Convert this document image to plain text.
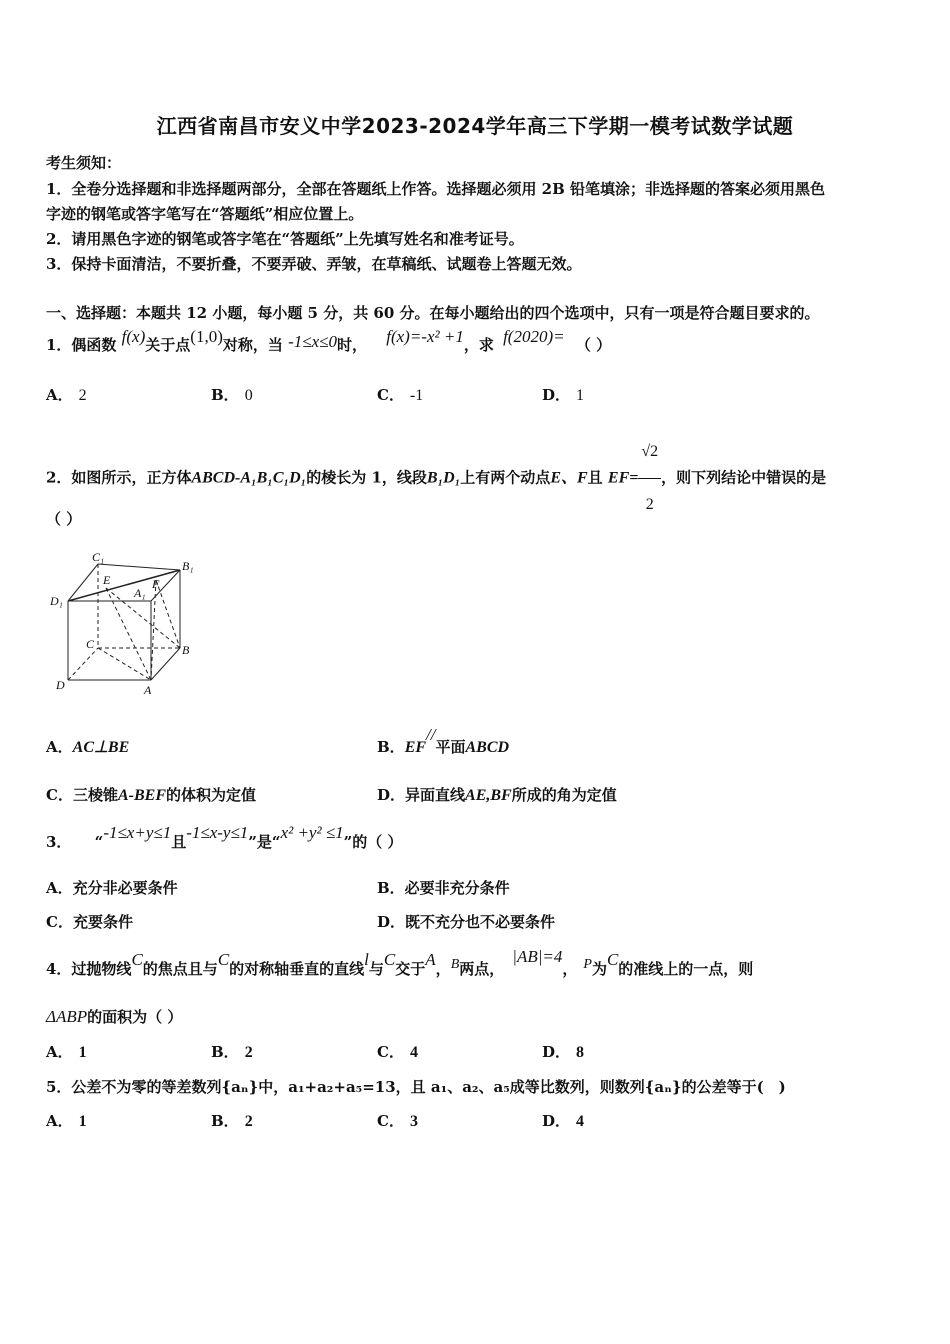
江西省南昌市安义中学2023-2024学年高三下学期一模考试数学试题
考生须知：
1．全卷分选择题和非选择题两部分，全部在答题纸上作答。选择题必须用 2B 铅笔填涂；非选择题的答案必须用黑色
字迹的钢笔或答字笔写在“答题纸”相应位置上。
2．请用黑色字迹的钢笔或答字笔在“答题纸”上先填写姓名和准考证号。
3．保持卡面清洁，不要折叠，不要弄破、弄皱，在草稿纸、试题卷上答题无效。
一、选择题：本题共 12 小题，每小题 5 分，共 60 分。在每小题给出的四个选项中，只有一项是符合题目要求的。
1．偶函数 f(x)关于点(1,0)对称，当 -1≤x≤0时， f(x)=-x² +1，求 f(2020)= （ ）
A． 2	B． 0	C． -1	D． 1
2．如图所示，正方体ABCD-A₁B₁C₁D₁的棱长为 1，线段B₁D₁上有两个动点E、F且 $EF= \frac{√2}{2}$ ，则下列结论中错误的是
（ ）
C₁
B₁
E	F
A₁
D₁
C	B
D	A
A．AC⊥BE	B．EF//平面ABCD
C．三棱锥A-BEF的体积为定值	D．异面直线AE,BF所成的角为定值
3． “-1≤x+y≤1且-1≤x-y≤1”是“x² +y² ≤1”的（ ）
A．充分非必要条件	B．必要非充分条件
C．充要条件	D．既不充分也不必要条件
4．过抛物线C的焦点且与C的对称轴垂直的直线l与C交于A，B两点，|AB|=4， P为C的准线上的一点，则
ΔABP的面积为（ ）
A． 1	B． 2	C． 4	D． 8
5．公差不为零的等差数列{aₙ}中，a₁+a₂+a₅=13，且 a₁、a₂、a₅成等比数列，则数列{aₙ}的公差等于(　)
A． 1	B． 2	C． 3	D． 4
